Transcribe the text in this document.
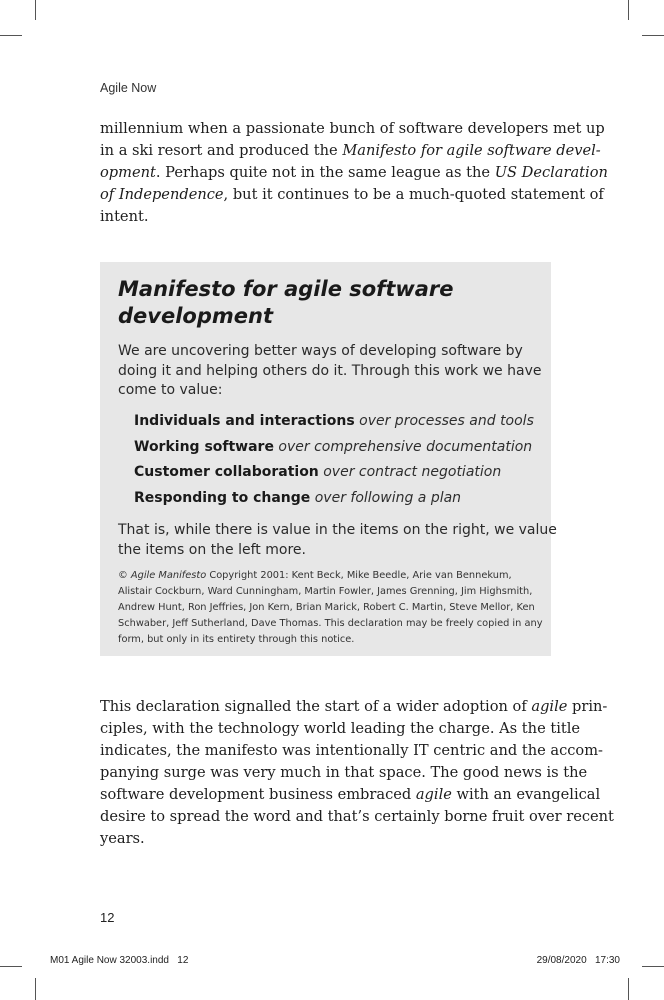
Agile Now

millennium when a passionate bunch of software developers met up
in a ski resort and produced the Manifesto for agile software devel-
opment. Perhaps quite not in the same league as the US Declaration
of Independence, but it continues to be a much-quoted statement of
intent.

Manifesto for agile software
development

We are uncovering better ways of developing software by
doing it and helping others do it. Through this work we have
come to value:

Individuals and interactions over processes and tools
Working software over comprehensive documentation
Customer collaboration over contract negotiation
Responding to change over following a plan

That is, while there is value in the items on the right, we value
the items on the left more.

© Agile Manifesto Copyright 2001: Kent Beck, Mike Beedle, Arie van Bennekum,
Alistair Cockburn, Ward Cunningham, Martin Fowler, James Grenning, Jim Highsmith,
Andrew Hunt, Ron Jeffries, Jon Kern, Brian Marick, Robert C. Martin, Steve Mellor, Ken
Schwaber, Jeff Sutherland, Dave Thomas. This declaration may be freely copied in any
form, but only in its entirety through this notice.

This declaration signalled the start of a wider adoption of agile prin-
ciples, with the technology world leading the charge. As the title
indicates, the manifesto was intentionally IT centric and the accom-
panying surge was very much in that space. The good news is the
software development business embraced agile with an evangelical
desire to spread the word and that’s certainly borne fruit over recent
years.

12
M01 Agile Now 32003.indd   12	29/08/2020   17:30
